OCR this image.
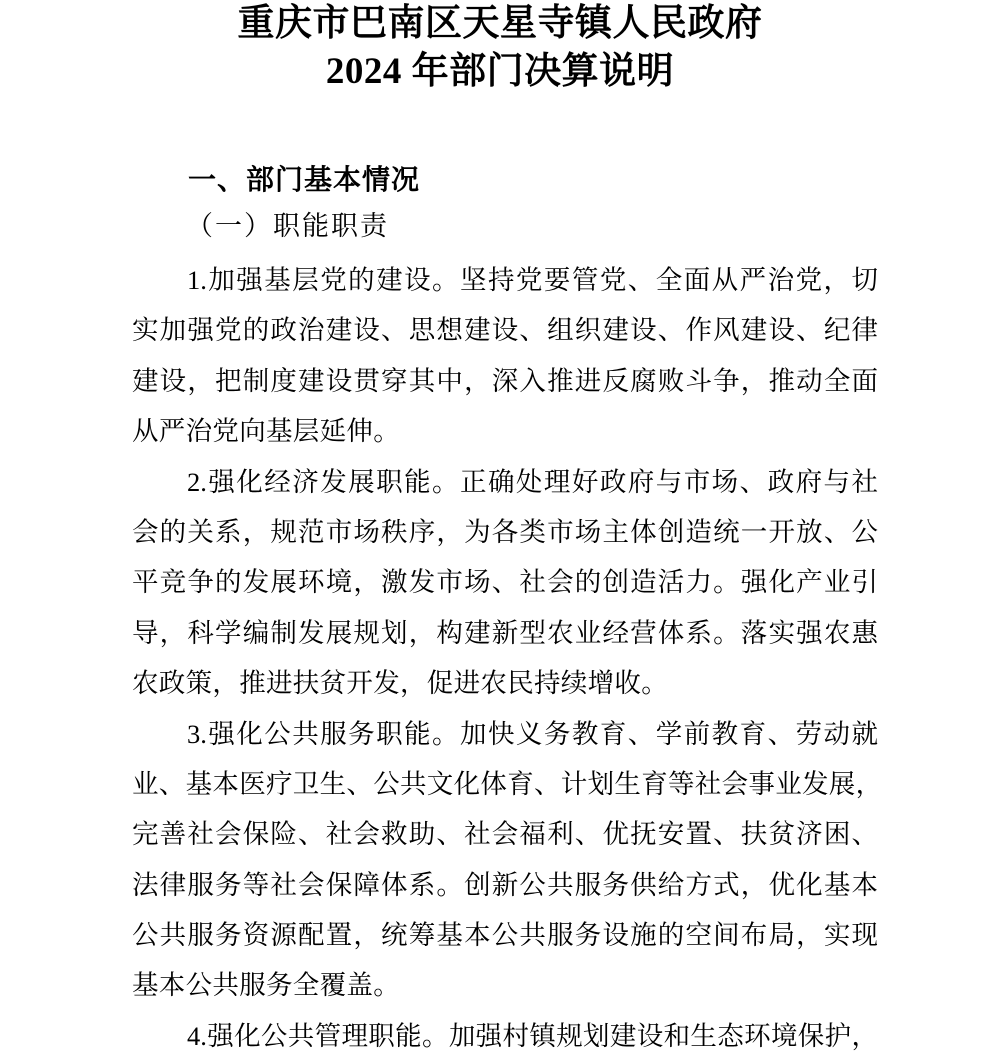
重庆市巴南区天星寺镇人民政府
2024 年部门决算说明
一、部门基本情况
（一）职能职责
1.加强基层党的建设。坚持党要管党、全面从严治党，切
实加强党的政治建设、思想建设、组织建设、作风建设、纪律
建设，把制度建设贯穿其中，深入推进反腐败斗争，推动全面
从严治党向基层延伸。
2.强化经济发展职能。正确处理好政府与市场、政府与社
会的关系，规范市场秩序，为各类市场主体创造统一开放、公
平竞争的发展环境，激发市场、社会的创造活力。强化产业引
导，科学编制发展规划，构建新型农业经营体系。落实强农惠
农政策，推进扶贫开发，促进农民持续增收。
3.强化公共服务职能。加快义务教育、学前教育、劳动就
业、基本医疗卫生、公共文化体育、计划生育等社会事业发展，
完善社会保险、社会救助、社会福利、优抚安置、扶贫济困、
法律服务等社会保障体系。创新公共服务供给方式，优化基本
公共服务资源配置，统筹基本公共服务设施的空间布局，实现
基本公共服务全覆盖。
4.强化公共管理职能。加强村镇规划建设和生态环境保护，
